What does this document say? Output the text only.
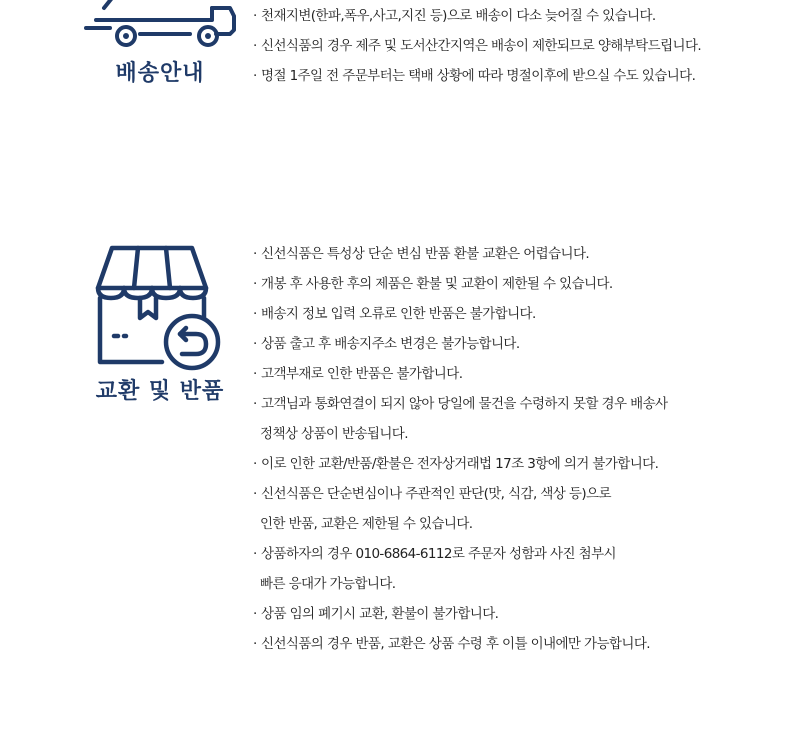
배송안내
· 천재지변(한파,폭우,사고,지진 등)으로 배송이 다소 늦어질 수 있습니다.
· 신선식품의 경우 제주 및 도서산간지역은 배송이 제한되므로 양해부탁드립니다.
· 명절 1주일 전 주문부터는 택배 상황에 따라 명절이후에 받으실 수도 있습니다.
교환 및 반품
· 신선식품은 특성상 단순 변심 반품 환불 교환은 어렵습니다.
· 개봉 후 사용한 후의 제품은 환불 및 교환이 제한될 수 있습니다.
· 배송지 정보 입력 오류로 인한 반품은 불가합니다.
· 상품 출고 후 배송지주소 변경은 불가능합니다.
· 고객부재로 인한 반품은 불가합니다.
· 고객님과 통화연결이 되지 않아 당일에 물건을 수령하지 못할 경우 배송사
정책상 상품이 반송됩니다.
· 이로 인한 교환/반품/환불은 전자상거래법 17조 3항에 의거 불가합니다.
· 신선식품은 단순변심이나 주관적인 판단(맛, 식감, 색상 등)으로
인한 반품, 교환은 제한될 수 있습니다.
· 상품하자의 경우 010-6864-6112로 주문자 성함과 사진 첨부시
빠른 응대가 가능합니다.
· 상품 임의 폐기시 교환, 환불이 불가합니다.
· 신선식품의 경우 반품, 교환은 상품 수령 후 이틀 이내에만 가능합니다.
